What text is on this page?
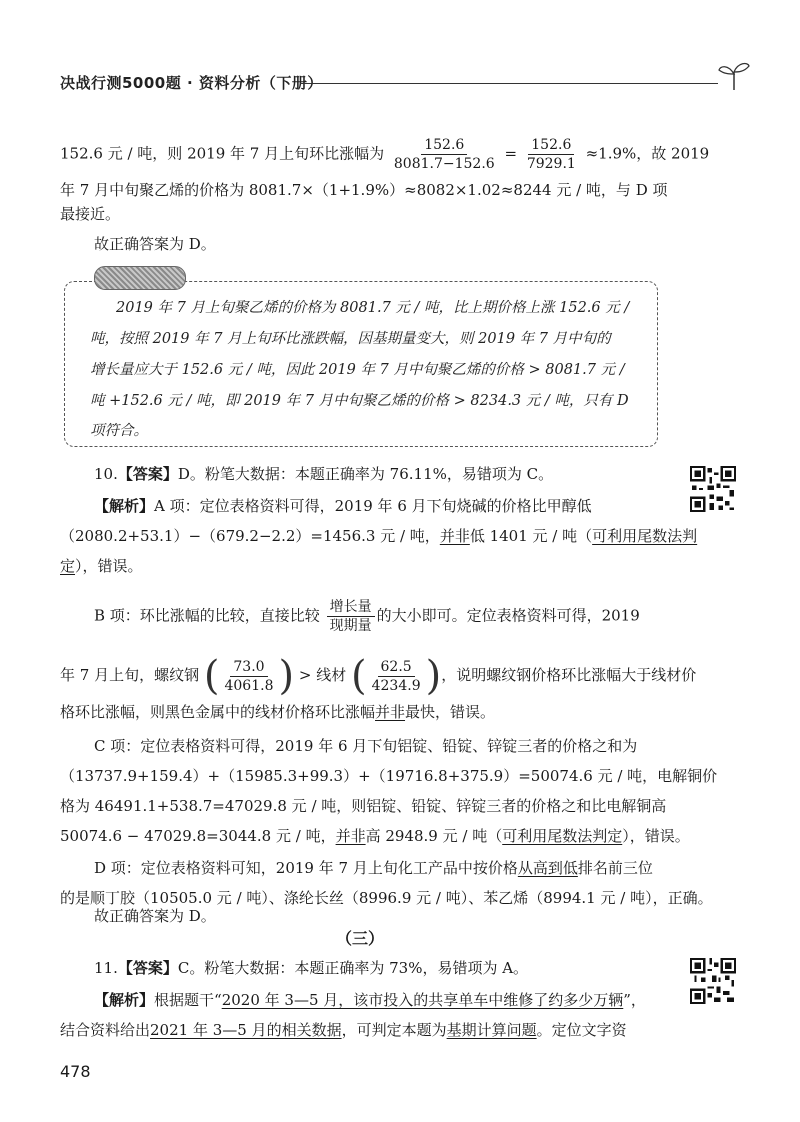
决战行测5000题 · 资料分析（下册）
152.6 元 / 吨，则 2019 年 7 月上旬环比涨幅为 $\frac{152.6}{8081.7-152.6} = \frac{152.6}{7929.1} \approx 1.9\%$，故 2019
年 7 月中旬聚乙烯的价格为 8081.7×（1+1.9%）≈8082×1.02≈8244 元 / 吨，与 D 项
最接近。
故正确答案为 D。
2019 年 7 月上旬聚乙烯的价格为 8081.7 元 / 吨，比上期价格上涨 152.6 元 /
吨，按照 2019 年 7 月上旬环比涨跌幅，因基期量变大，则 2019 年 7 月中旬的
增长量应大于 152.6 元 / 吨，因此 2019 年 7 月中旬聚乙烯的价格 > 8081.7 元 /
吨 +152.6 元 / 吨，即 2019 年 7 月中旬聚乙烯的价格 > 8234.3 元 / 吨，只有 D
项符合。
10.【答案】D。粉笔大数据：本题正确率为 76.11%，易错项为 C。
【解析】A 项：定位表格资料可得，2019 年 6 月下旬烧碱的价格比甲醇低
（2080.2+53.1）−（679.2−2.2）=1456.3 元 / 吨，并非低 1401 元 / 吨（可利用尾数法判
定），错误。
B 项：环比涨幅的比较，直接比较 $\frac{\text{增长量}}{\text{现期量}}$ 的大小即可。定位表格资料可得，2019
年 7 月上旬，螺纹钢 ( $\frac{73.0}{4061.8}$ ) > 线材 ( $\frac{62.5}{4234.9}$ ) ，说明螺纹钢价格环比涨幅大于线材价
格环比涨幅，则黑色金属中的线材价格环比涨幅并非最快，错误。
C 项：定位表格资料可得，2019 年 6 月下旬铝锭、铅锭、锌锭三者的价格之和为
（13737.9+159.4）+（15985.3+99.3）+（19716.8+375.9）=50074.6 元 / 吨，电解铜价
格为 46491.1+538.7=47029.8 元 / 吨，则铝锭、铅锭、锌锭三者的价格之和比电解铜高
50074.6 − 47029.8=3044.8 元 / 吨，并非高 2948.9 元 / 吨（可利用尾数法判定），错误。
D 项：定位表格资料可知，2019 年 7 月上旬化工产品中按价格从高到低排名前三位
的是顺丁胶（10505.0 元 / 吨）、涤纶长丝（8996.9 元 / 吨）、苯乙烯（8994.1 元 / 吨），正确。
故正确答案为 D。
（三）
11.【答案】C。粉笔大数据：本题正确率为 73%，易错项为 A。
【解析】根据题干“2020 年 3—5 月，该市投入的共享单车中维修了约多少万辆”，
结合资料给出2021 年 3—5 月的相关数据，可判定本题为基期计算问题。定位文字资
478
